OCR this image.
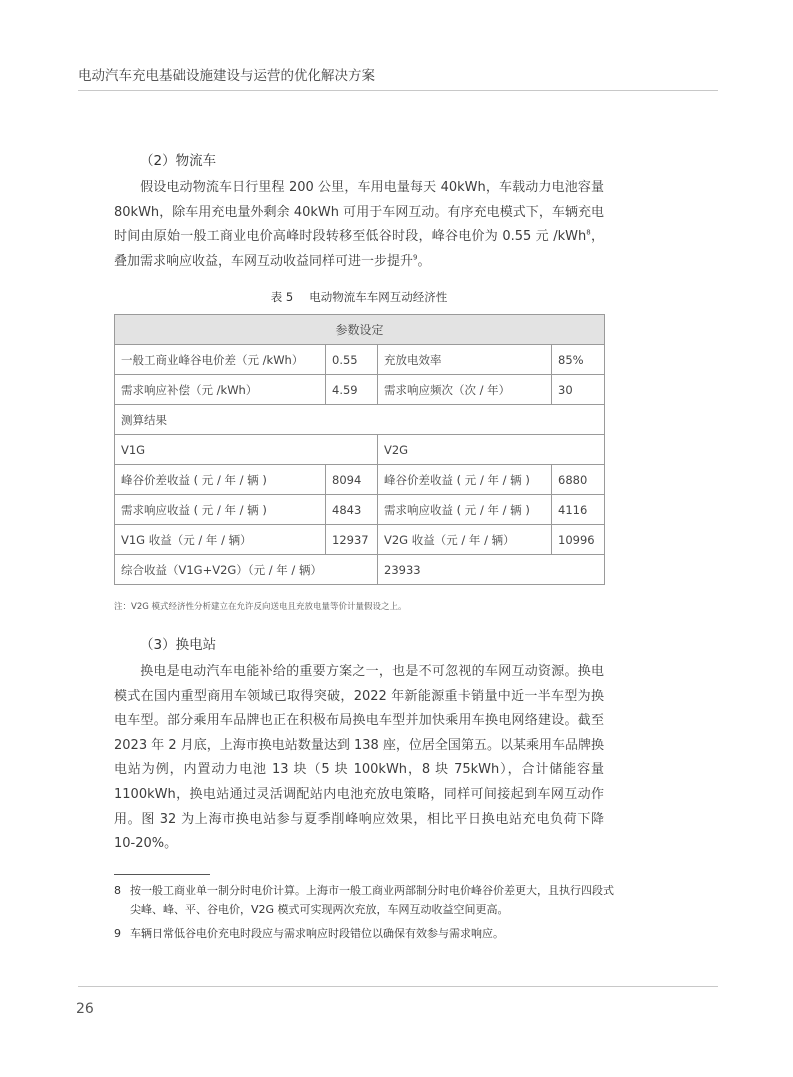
电动汽车充电基础设施建设与运营的优化解决方案
（2）物流车
假设电动物流车日行里程 200 公里，车用电量每天 40kWh，车载动力电池容量 80kWh，除车用充电量外剩余 40kWh 可用于车网互动。有序充电模式下，车辆充电时间由原始一般工商业电价高峰时段转移至低谷时段，峰谷电价为 0.55 元 /kWh$^8$，叠加需求响应收益，车网互动收益同样可进一步提升$^9$。
表 5 电动物流车车网互动经济性
参数设定			
一般工商业峰谷电价差（元 /kWh）	0.55	充放电效率	85%
需求响应补偿（元 /kWh）	4.59	需求响应频次（次 / 年）	30
测算结果			
V1G		V2G	
峰谷价差收益 ( 元 / 年 / 辆 )	8094	峰谷价差收益 ( 元 / 年 / 辆 )	6880
需求响应收益 ( 元 / 年 / 辆 )	4843	需求响应收益 ( 元 / 年 / 辆 )	4116
V1G 收益（元 / 年 / 辆）	12937	V2G 收益（元 / 年 / 辆）	10996
综合收益（V1G+V2G）（元 / 年 / 辆）		23933	
注：V2G 模式经济性分析建立在允许反向送电且充放电量等价计量假设之上。
（3）换电站
换电是电动汽车电能补给的重要方案之一，也是不可忽视的车网互动资源。换电模式在国内重型商用车领域已取得突破，2022 年新能源重卡销量中近一半车型为换电车型。部分乘用车品牌也正在积极布局换电车型并加快乘用车换电网络建设。截至 2023 年 2 月底，上海市换电站数量达到 138 座，位居全国第五。以某乘用车品牌换电站为例，内置动力电池 13 块（5 块 100kWh，8 块 75kWh），合计储能容量 1100kWh，换电站通过灵活调配站内电池充放电策略，同样可间接起到车网互动作用。图 32 为上海市换电站参与夏季削峰响应效果，相比平日换电站充电负荷下降 10-20%。
8 按一般工商业单一制分时电价计算。上海市一般工商业两部制分时电价峰谷价差更大，且执行四段式尖峰、峰、平、谷电价，V2G 模式可实现两次充放，车网互动收益空间更高。
9 车辆日常低谷电价充电时段应与需求响应时段错位以确保有效参与需求响应。
26
